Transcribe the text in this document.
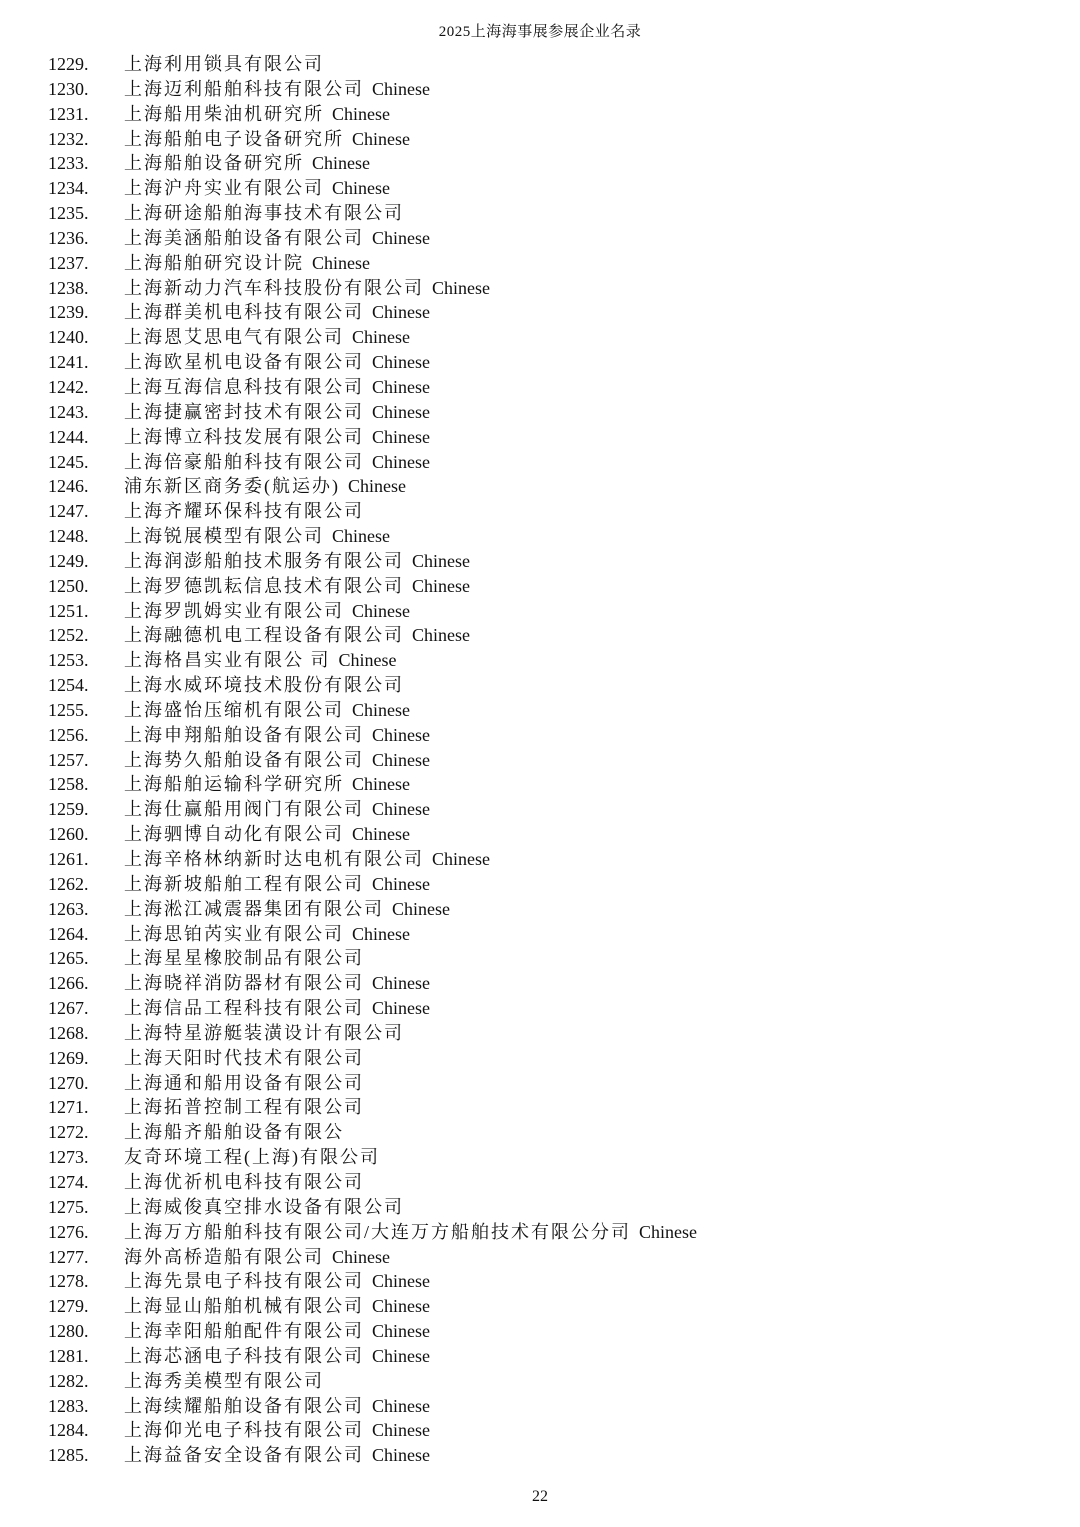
2025上海海事展参展企业名录
1229. 上海利用锁具有限公司
1230. 上海迈利船舶科技有限公司 Chinese
1231. 上海船用柴油机研究所 Chinese
1232. 上海船舶电子设备研究所 Chinese
1233. 上海船舶设备研究所 Chinese
1234. 上海沪舟实业有限公司 Chinese
1235. 上海研途船舶海事技术有限公司
1236. 上海美涵船舶设备有限公司 Chinese
1237. 上海船舶研究设计院 Chinese
1238. 上海新动力汽车科技股份有限公司 Chinese
1239. 上海群美机电科技有限公司 Chinese
1240. 上海恩艾思电气有限公司 Chinese
1241. 上海欧星机电设备有限公司 Chinese
1242. 上海互海信息科技有限公司 Chinese
1243. 上海捷赢密封技术有限公司 Chinese
1244. 上海博立科技发展有限公司 Chinese
1245. 上海倍豪船舶科技有限公司 Chinese
1246. 浦东新区商务委(航运办) Chinese
1247. 上海齐耀环保科技有限公司
1248. 上海锐展模型有限公司 Chinese
1249. 上海润澎船舶技术服务有限公司 Chinese
1250. 上海罗德凯耘信息技术有限公司 Chinese
1251. 上海罗凯姆实业有限公司 Chinese
1252. 上海融德机电工程设备有限公司 Chinese
1253. 上海格昌实业有限公 司 Chinese
1254. 上海水威环境技术股份有限公司
1255. 上海盛怡压缩机有限公司 Chinese
1256. 上海申翔船舶设备有限公司 Chinese
1257. 上海势久船舶设备有限公司 Chinese
1258. 上海船舶运输科学研究所 Chinese
1259. 上海仕赢船用阀门有限公司 Chinese
1260. 上海驷博自动化有限公司 Chinese
1261. 上海辛格林纳新时达电机有限公司 Chinese
1262. 上海新坡船舶工程有限公司 Chinese
1263. 上海淞江减震器集团有限公司 Chinese
1264. 上海思铂芮实业有限公司 Chinese
1265. 上海星星橡胶制品有限公司
1266. 上海晓祥消防器材有限公司 Chinese
1267. 上海信品工程科技有限公司 Chinese
1268. 上海特星游艇装潢设计有限公司
1269. 上海天阳时代技术有限公司
1270. 上海通和船用设备有限公司
1271. 上海拓普控制工程有限公司
1272. 上海船齐船舶设备有限公
1273. 友奇环境工程(上海)有限公司
1274. 上海优祈机电科技有限公司
1275. 上海威俊真空排水设备有限公司
1276. 上海万方船舶科技有限公司/大连万方船舶技术有限公分司 Chinese
1277. 海外高桥造船有限公司 Chinese
1278. 上海先景电子科技有限公司 Chinese
1279. 上海显山船舶机械有限公司 Chinese
1280. 上海幸阳船舶配件有限公司 Chinese
1281. 上海芯涵电子科技有限公司 Chinese
1282. 上海秀美模型有限公司
1283. 上海续耀船舶设备有限公司 Chinese
1284. 上海仰光电子科技有限公司 Chinese
1285. 上海益备安全设备有限公司 Chinese
22
